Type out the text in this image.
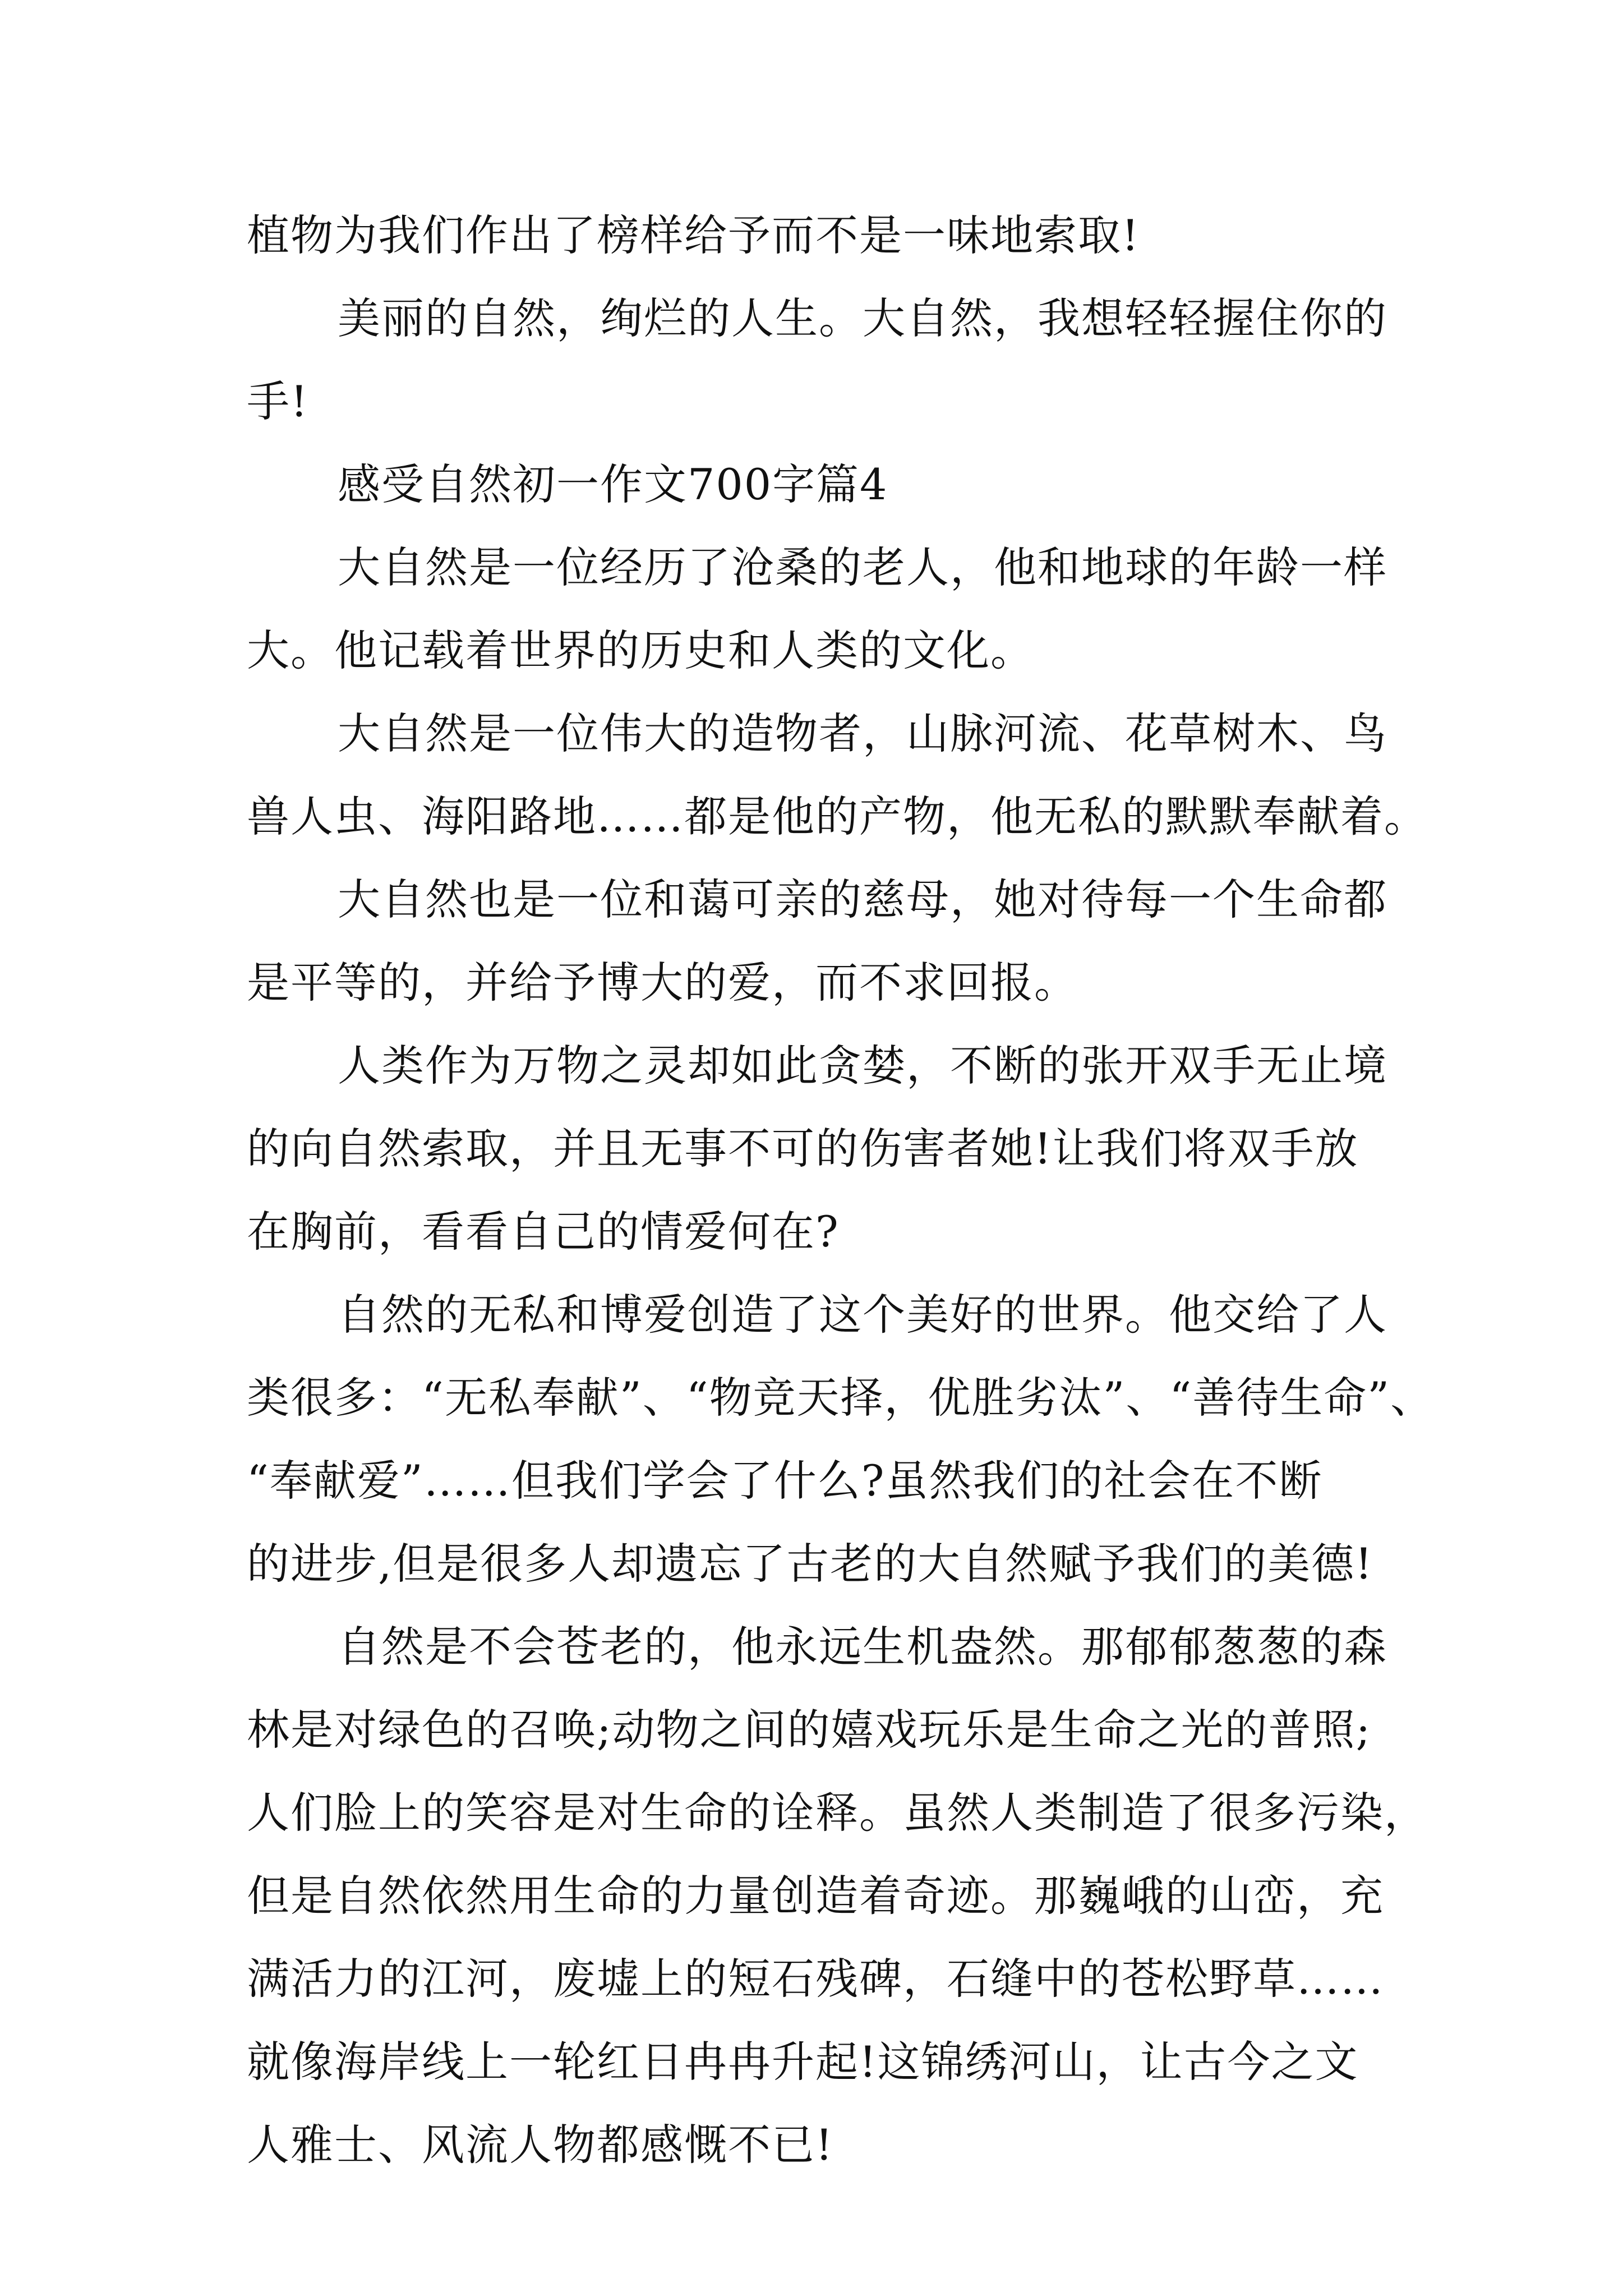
植物为我们作出了榜样给予而不是一味地索取!
美丽的自然，绚烂的人生。大自然，我想轻轻握住你的
手!
感受自然初一作文700字篇4
大自然是一位经历了沧桑的老人，他和地球的年龄一样
大。他记载着世界的历史和人类的文化。
大自然是一位伟大的造物者，山脉河流、花草树木、鸟
兽人虫、海阳路地……都是他的产物，他无私的默默奉献着。
大自然也是一位和蔼可亲的慈母，她对待每一个生命都
是平等的，并给予博大的爱，而不求回报。
人类作为万物之灵却如此贪婪，不断的张开双手无止境
的向自然索取，并且无事不可的伤害者她!让我们将双手放
在胸前，看看自己的情爱何在?
自然的无私和博爱创造了这个美好的世界。他交给了人
类很多：“无私奉献”、“物竞天择，优胜劣汰”、“善待生命”、
“奉献爱”……但我们学会了什么?虽然我们的社会在不断
的进步,但是很多人却遗忘了古老的大自然赋予我们的美德!
自然是不会苍老的，他永远生机盎然。那郁郁葱葱的森
林是对绿色的召唤;动物之间的嬉戏玩乐是生命之光的普照;
人们脸上的笑容是对生命的诠释。虽然人类制造了很多污染，
但是自然依然用生命的力量创造着奇迹。那巍峨的山峦，充
满活力的江河，废墟上的短石残碑，石缝中的苍松野草……
就像海岸线上一轮红日冉冉升起!这锦绣河山，让古今之文
人雅士、风流人物都感慨不已!
